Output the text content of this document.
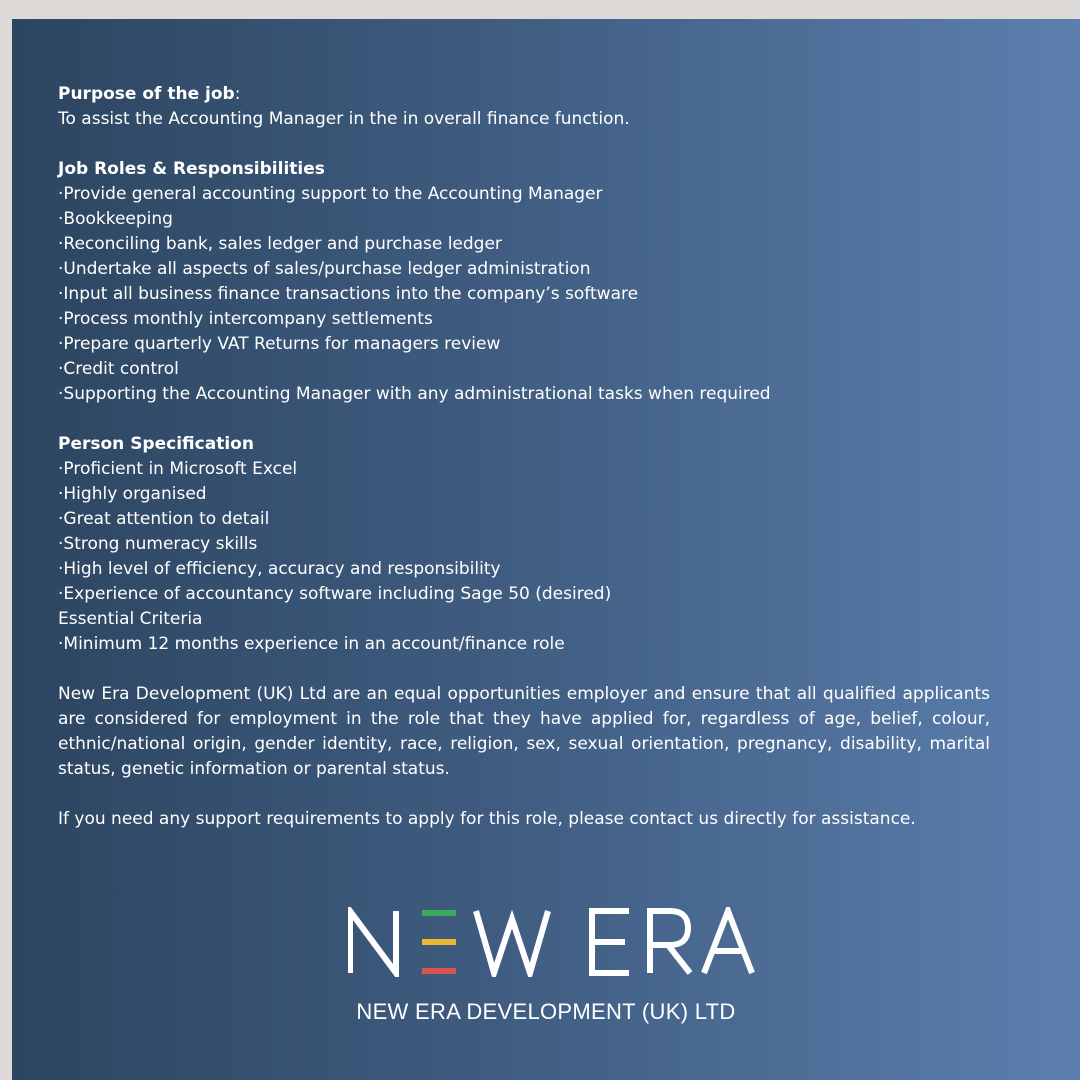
Purpose of the job:
To assist the Accounting Manager in the in overall finance function.
Job Roles & Responsibilities
·Provide general accounting support to the Accounting Manager
·Bookkeeping
·Reconciling bank, sales ledger and purchase ledger
·Undertake all aspects of sales/purchase ledger administration
·Input all business finance transactions into the company’s software
·Process monthly intercompany settlements
·Prepare quarterly VAT Returns for managers review
·Credit control
·Supporting the Accounting Manager with any administrational tasks when required
Person Specification
·Proficient in Microsoft Excel
·Highly organised
·Great attention to detail
·Strong numeracy skills
·High level of efficiency, accuracy and responsibility
·Experience of accountancy software including Sage 50 (desired)
Essential Criteria
·Minimum 12 months experience in an account/finance role

New Era Development (UK) Ltd are an equal opportunities employer and ensure that all qualified applicants are considered for employment in the role that they have applied for, regardless of age, belief, colour, ethnic/national origin, gender identity, race, religion, sex, sexual orientation, pregnancy, disability, marital status, genetic information or parental status.

If you need any support requirements to apply for this role, please contact us directly for assistance.

NEW ERA DEVELOPMENT (UK) LTD
